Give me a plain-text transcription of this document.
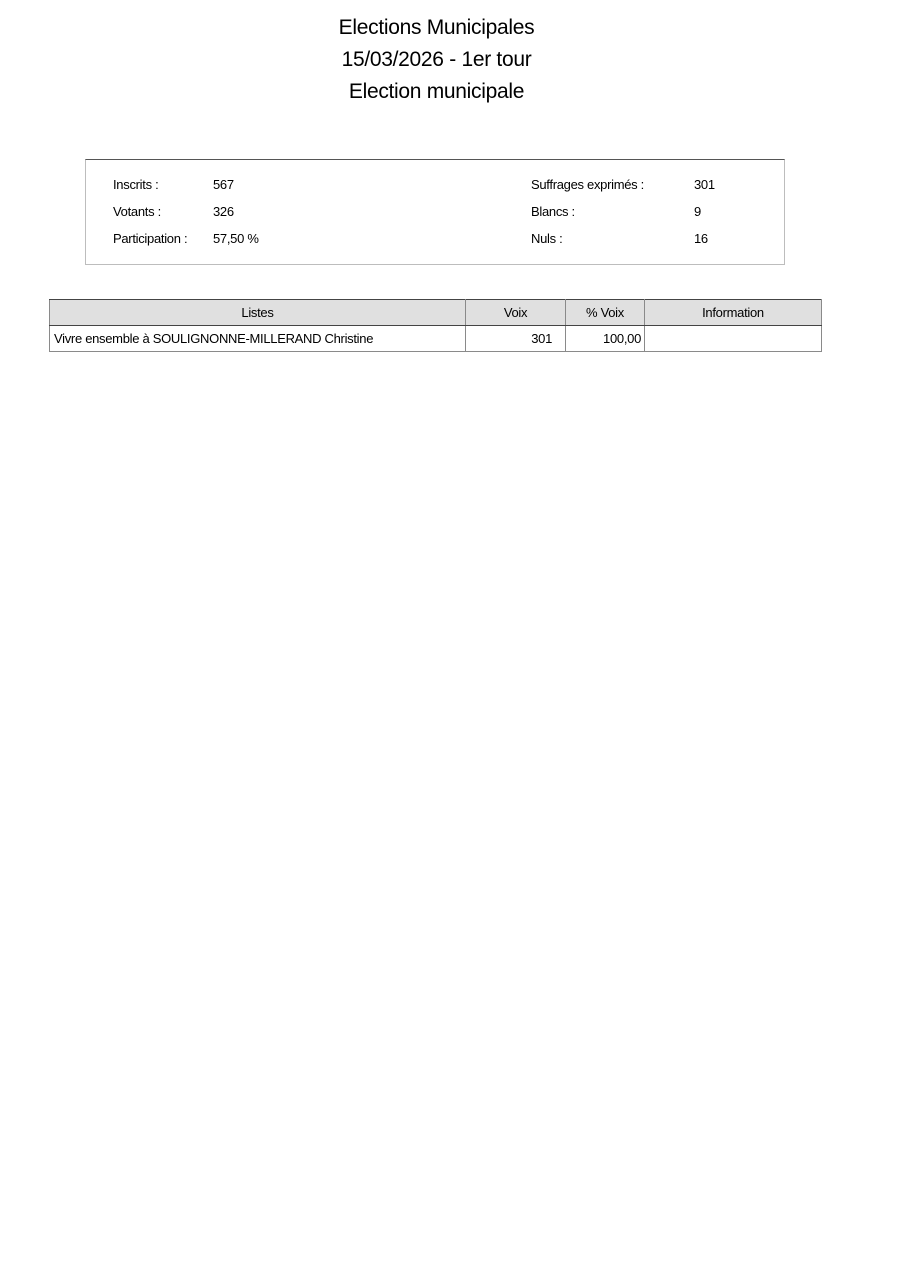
Elections Municipales
15/03/2026 - 1er tour
Election municipale
Inscrits :	567
Votants :	326
Participation : 57,50 %
Suffrages exprimés :	301
Blancs :	9
Nuls :	16
Listes	Voix	% Voix	Information
Vivre ensemble à SOULIGNONNE-MILLERAND Christine	301	100,00	
